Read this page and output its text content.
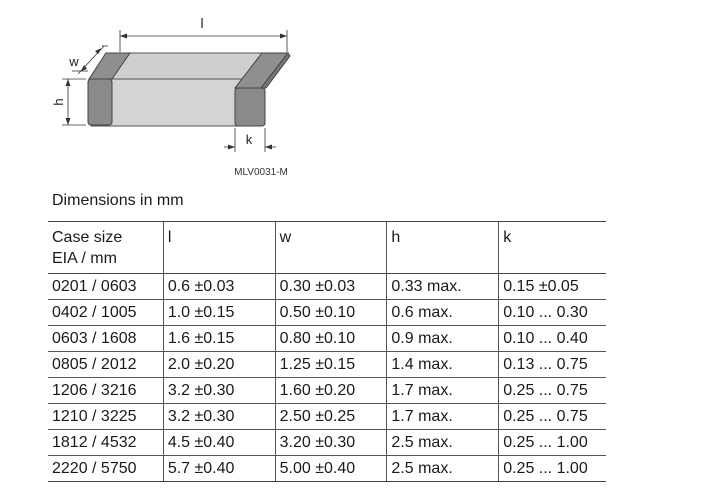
l
w
h
k
MLV0031-M
Dimensions in mm
Case size
EIA / mm	l	w	h	k
0201 / 0603	0.6 ±0.03	0.30 ±0.03	0.33 max.	0.15 ±0.05
0402 / 1005	1.0 ±0.15	0.50 ±0.10	0.6 max.	0.10 ... 0.30
0603 / 1608	1.6 ±0.15	0.80 ±0.10	0.9 max.	0.10 ... 0.40
0805 / 2012	2.0 ±0.20	1.25 ±0.15	1.4 max.	0.13 ... 0.75
1206 / 3216	3.2 ±0.30	1.60 ±0.20	1.7 max.	0.25 ... 0.75
1210 / 3225	3.2 ±0.30	2.50 ±0.25	1.7 max.	0.25 ... 0.75
1812 / 4532	4.5 ±0.40	3.20 ±0.30	2.5 max.	0.25 ... 1.00
2220 / 5750	5.7 ±0.40	5.00 ±0.40	2.5 max.	0.25 ... 1.00
